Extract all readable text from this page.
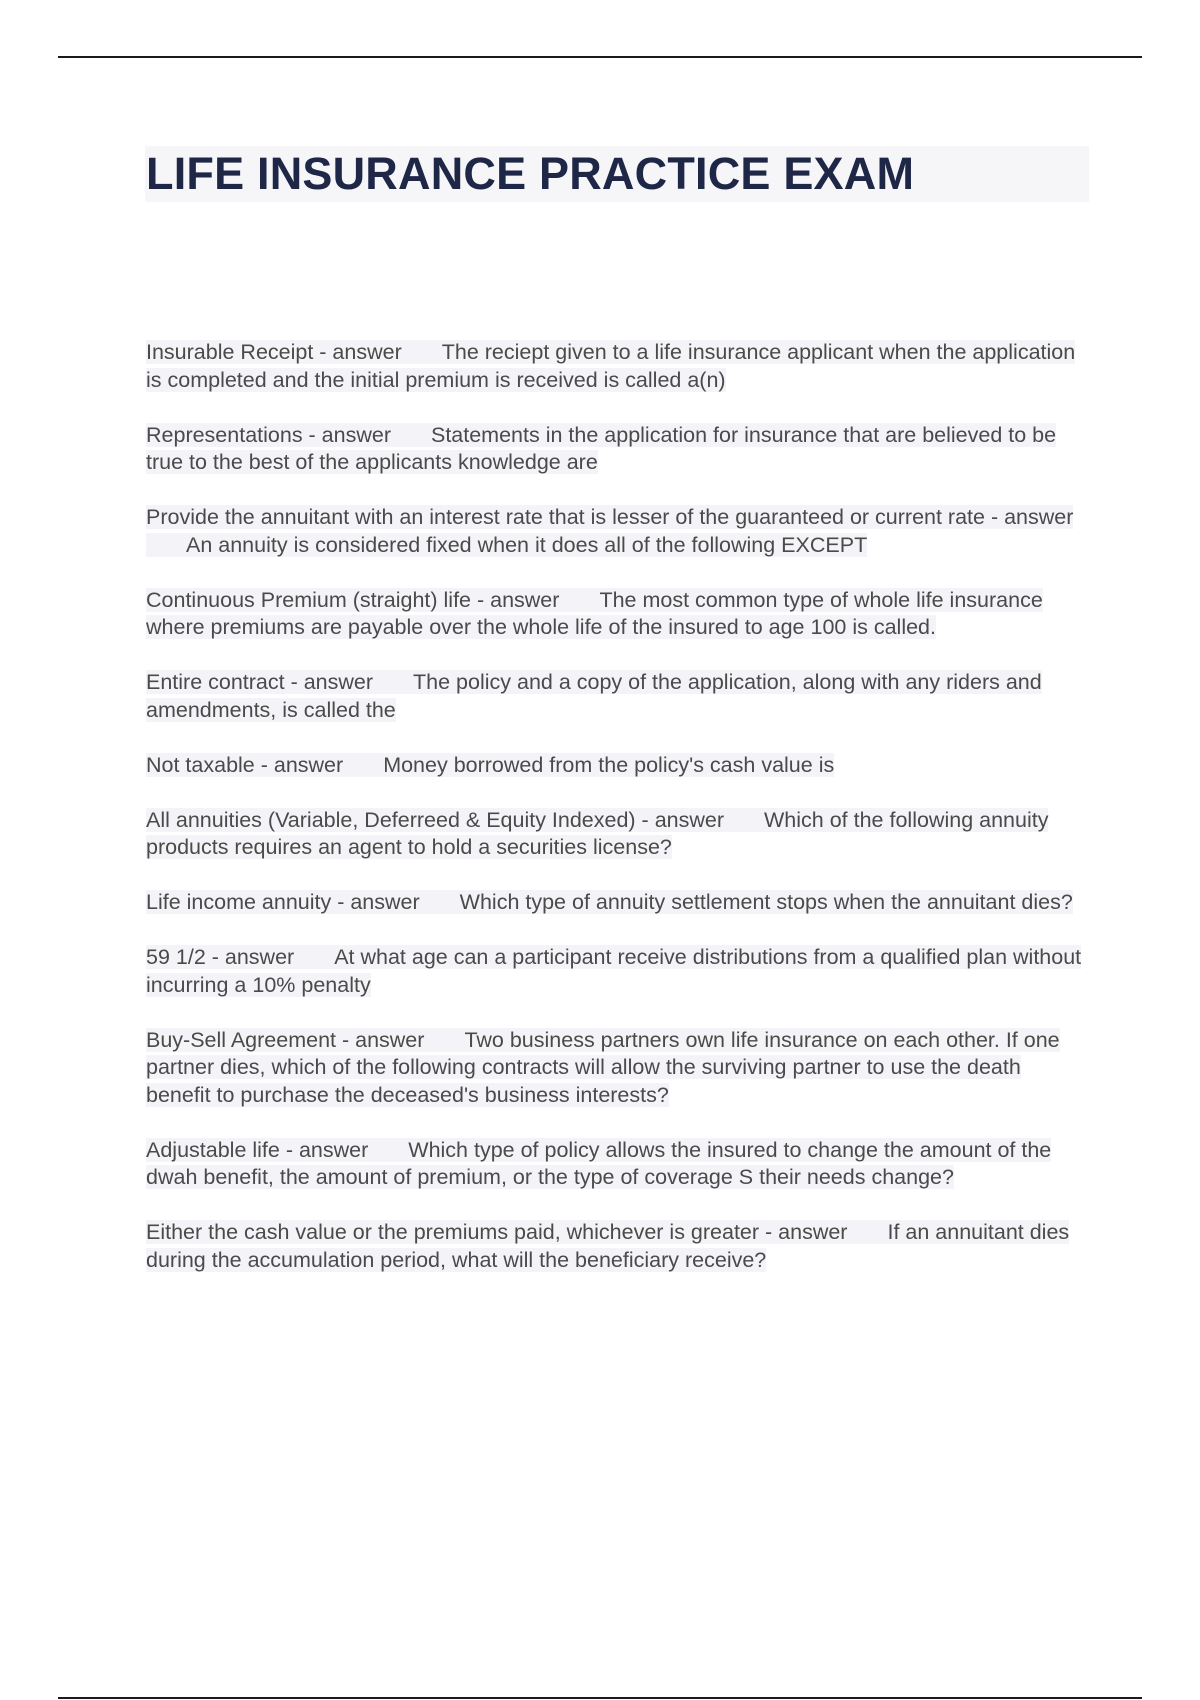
LIFE INSURANCE PRACTICE EXAM
Insurable Receipt - answer The reciept given to a life insurance applicant when the application is completed and the initial premium is received is called a(n)
Representations - answer Statements in the application for insurance that are believed to be true to the best of the applicants knowledge are
Provide the annuitant with an interest rate that is lesser of the guaranteed or current rate - answerAn annuity is considered fixed when it does all of the following EXCEPT
Continuous Premium (straight) life - answer The most common type of whole life insurance where premiums are payable over the whole life of the insured to age 100 is called.
Entire contract - answer The policy and a copy of the application, along with any riders and amendments, is called the
Not taxable - answer Money borrowed from the policy's cash value is
All annuities (Variable, Deferreed & Equity Indexed) - answer Which of the following annuity products requires an agent to hold a securities license?
Life income annuity - answer Which type of annuity settlement stops when the annuitant dies?
59 1/2 - answer At what age can a participant receive distributions from a qualified plan without incurring a 10% penalty
Buy-Sell Agreement - answer Two business partners own life insurance on each other. If one partner dies, which of the following contracts will allow the surviving partner to use the death benefit to purchase the deceased's business interests?
Adjustable life - answer Which type of policy allows the insured to change the amount of the dwah benefit, the amount of premium, or the type of coverage S their needs change?
Either the cash value or the premiums paid, whichever is greater - answer If an annuitant dies during the accumulation period, what will the beneficiary receive?
